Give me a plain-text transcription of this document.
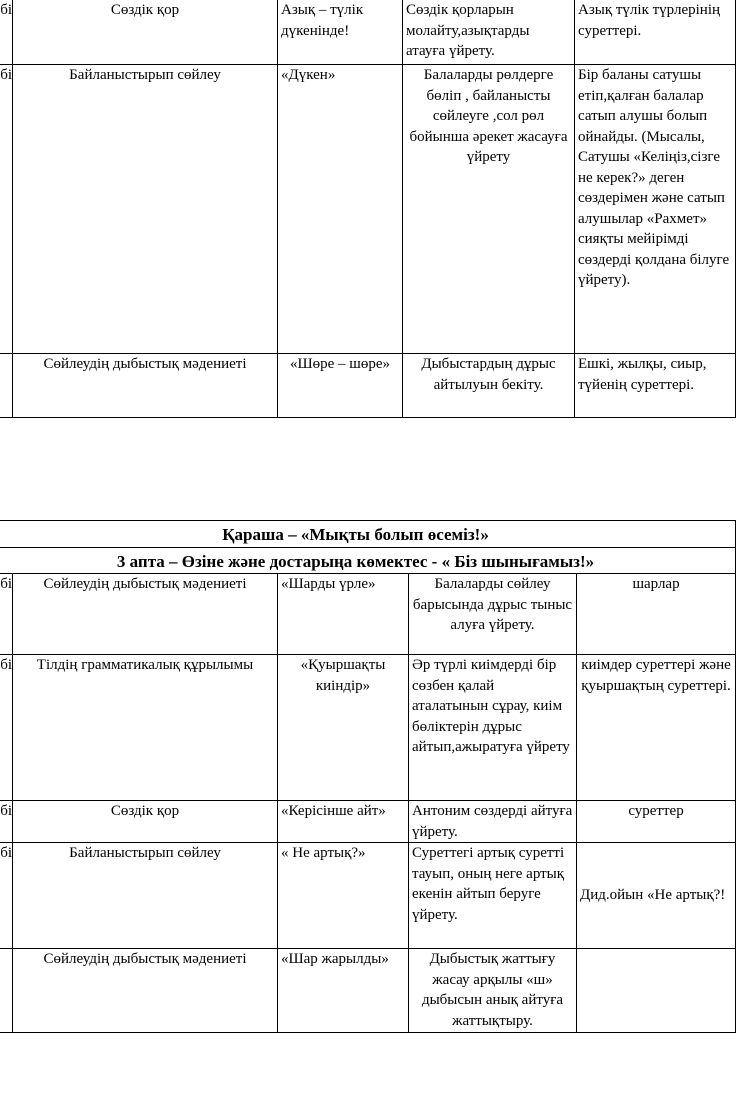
бі	Сөздік қор	Азық – түлік дүкенінде!	Сөздік қорларын молайту,азықтарды атауға үйрету.	Азық түлік түрлерінің суреттері.
бі	Байланыстырып сөйлеу	«Дүкен»	Балаларды рөлдерге бөліп , байланысты сөйлеуге ,сол рөл бойынша әрекет жасауға үйрету	Бір баланы сатушы етіп,қалған балалар сатып алушы болып ойнайды. (Мысалы, Сатушы «Келіңіз,сізге не керек?» деген сөздерімен және сатып алушылар «Рахмет» сияқты мейірімді сөздерді қолдана білуге үйрету).

	Сөйлеудің дыбыстық мәдениеті	«Шөре – шөре»	Дыбыстардың дұрыс айтылуын бекіту.	Ешкі, жылқы, сиыр, түйенің суреттері.
Қараша – «Мықты болып өсеміз!»				
3 апта – Өзіне және достарыңа көмектес - « Біз шынығамыз!»				
бі	Сөйлеудің дыбыстық мәдениеті	«Шарды үрле»	Балаларды сөйлеу барысында дұрыс тыныс алуға үйрету.	шарлар
бі	Тілдің грамматикалық құрылымы	«Қуыршақты киіндір»	Әр түрлі киімдерді бір сөзбен қалай аталатынын сұрау, киім бөліктерін дұрыс айтып,ажыратуға үйрету	киімдер суреттері және қуыршақтың суреттері.
бі	Сөздік қор	«Керісінше айт»	Антоним сөздерді айтуға үйрету.	суреттер
бі	Байланыстырып сөйлеу	« Не артық?»	Суреттегі артық суретті тауып, оның неге артық екенін айтып беруге үйрету.	Дид.ойын «Не артық?!
	Сөйлеудің дыбыстық мәдениеті	«Шар жарылды»	Дыбыстық жаттығу жасау арқылы «ш» дыбысын анық айтуға жаттықтыру.	
